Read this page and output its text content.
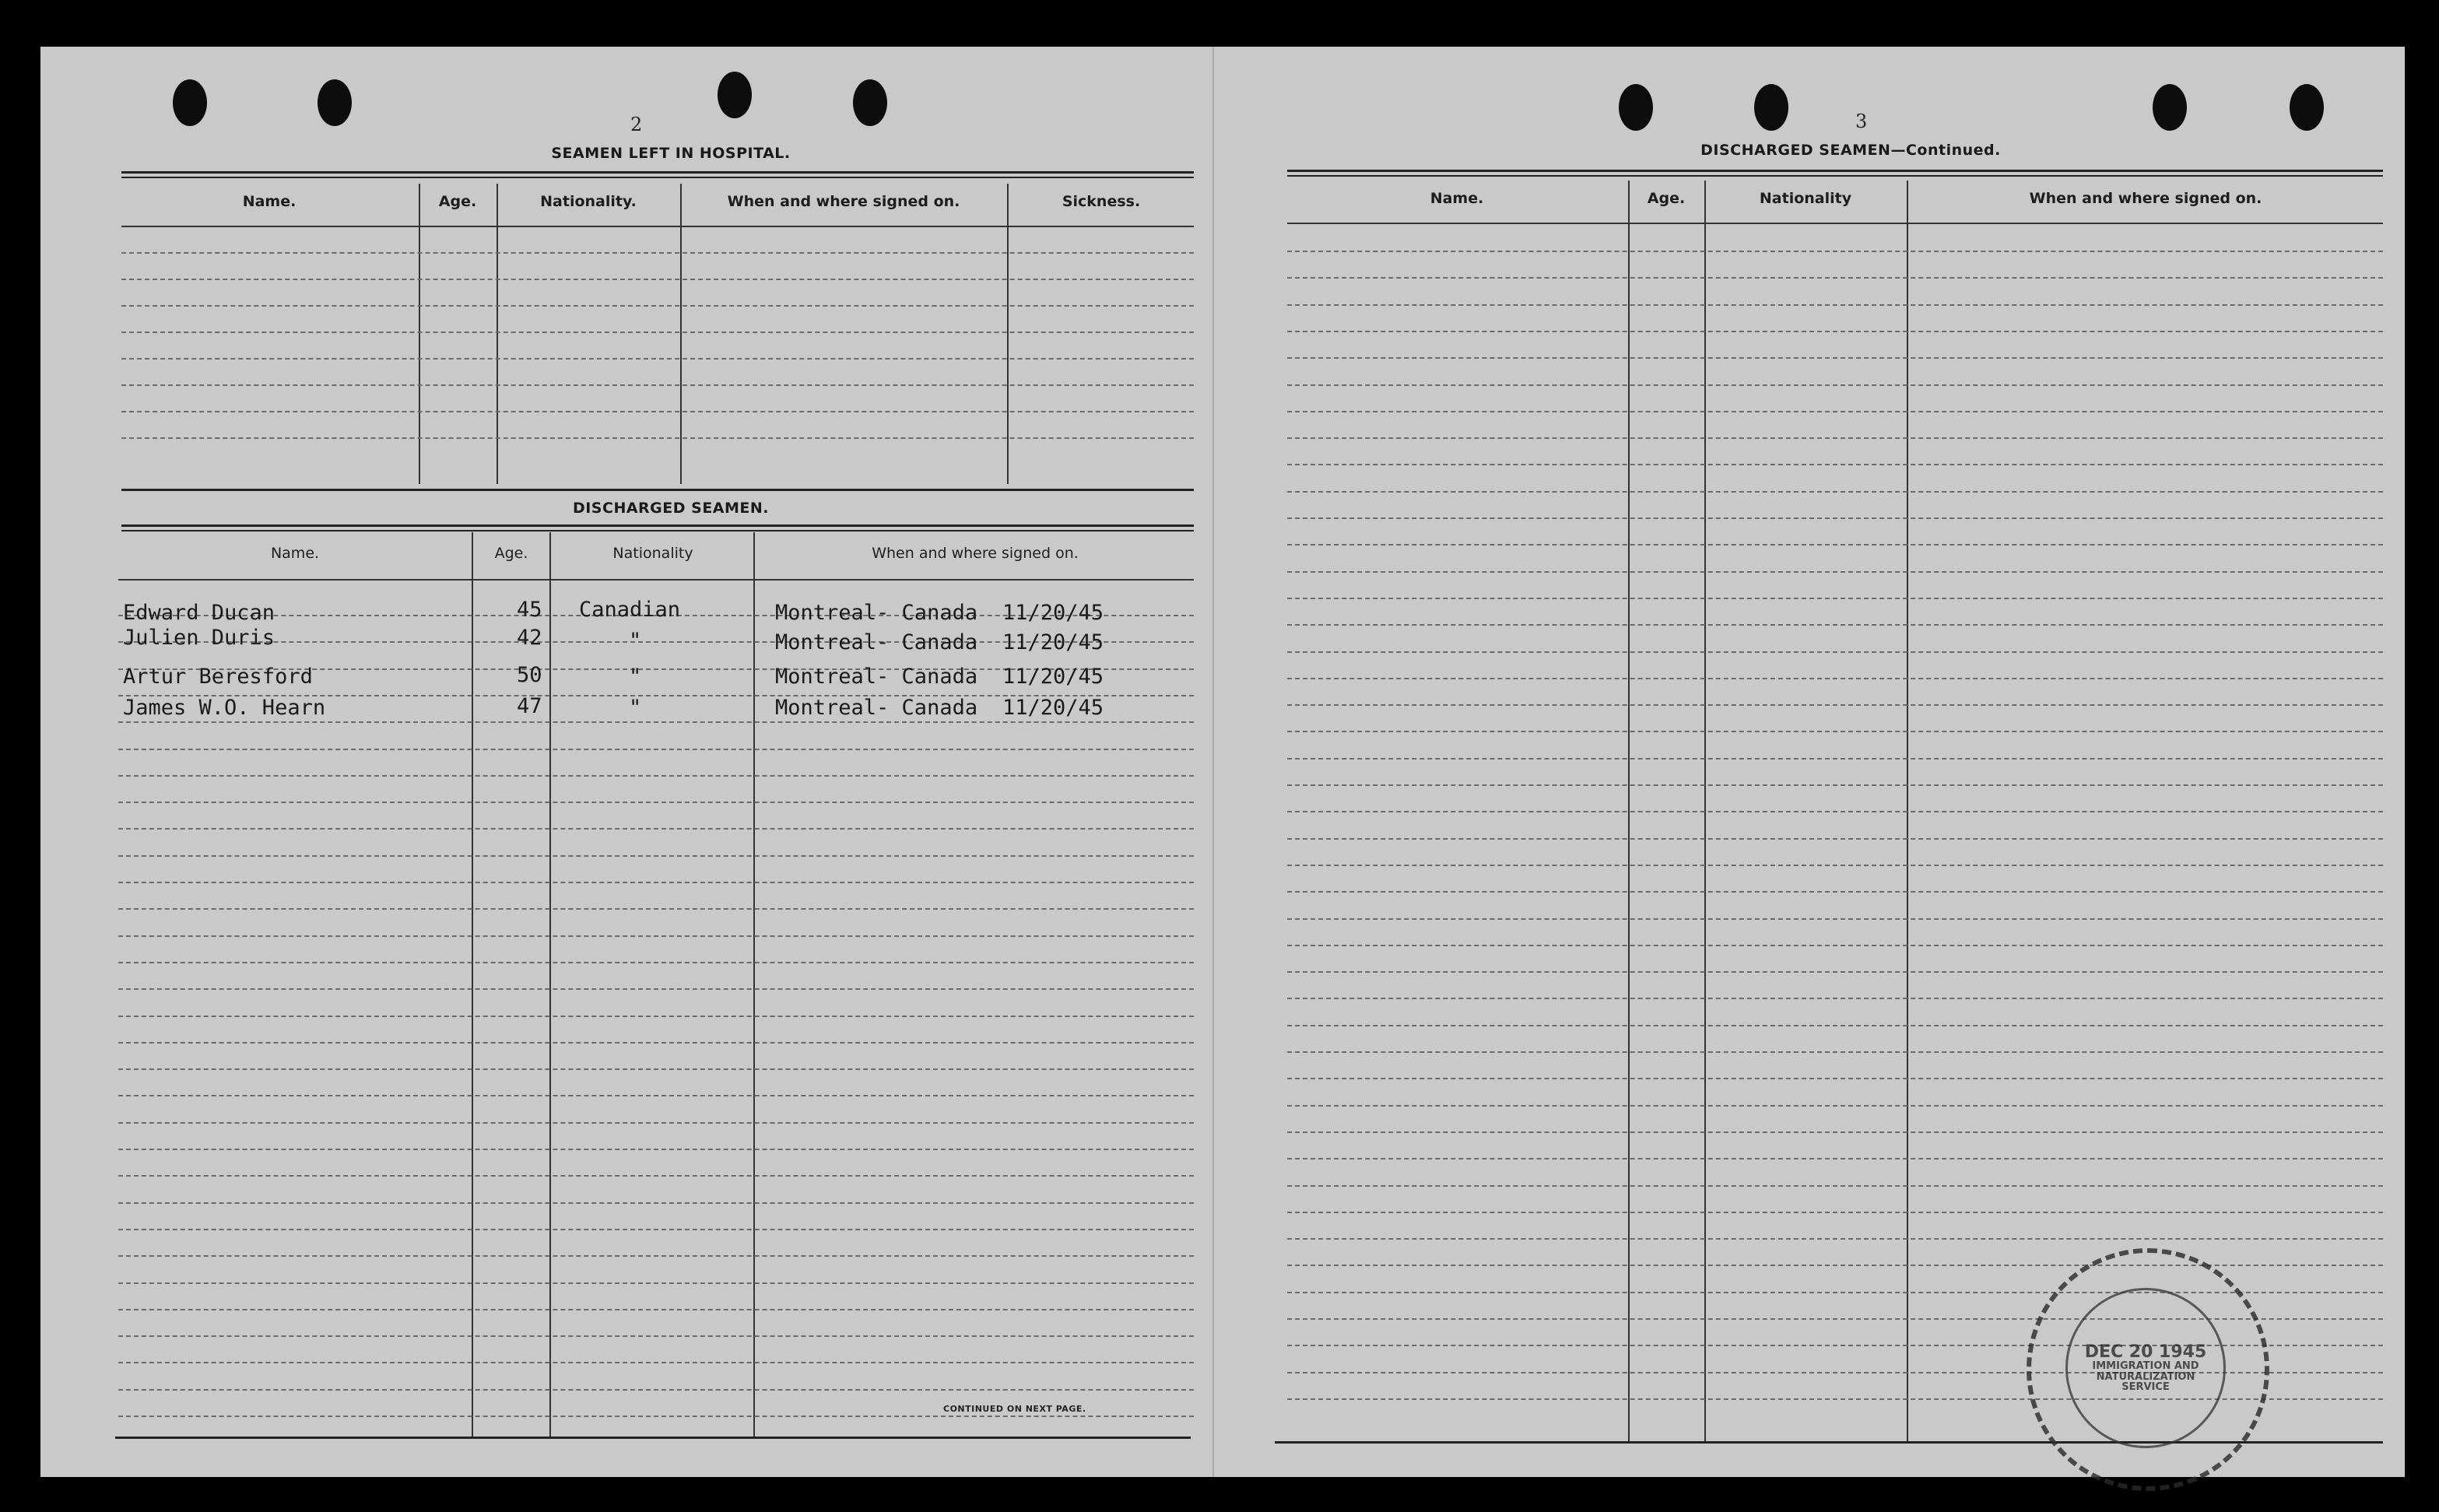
2
SEAMEN LEFT IN HOSPITAL.
Name.	Age.	Nationality.	When and where signed on.	Sickness.
DISCHARGED SEAMEN.
Name.	Age.	Nationality	When and where signed on.
Edward Ducan	45 Canadian	Montreal- Canada 11/20/45
Julien Duris	42	"	Montreal- Canada 11/20/45
Artur Beresford	50	"	Montreal- Canada 11/20/45
James W.O. Hearn	47	"	Montreal- Canada 11/20/45
CONTINUED ON NEXT PAGE.
3
DISCHARGED SEAMEN—Continued.
Name.	Age.	Nationality	When and where signed on.
DEC 20 1945
IMMIGRATION AND
NATURALIZATION
SERVICE
